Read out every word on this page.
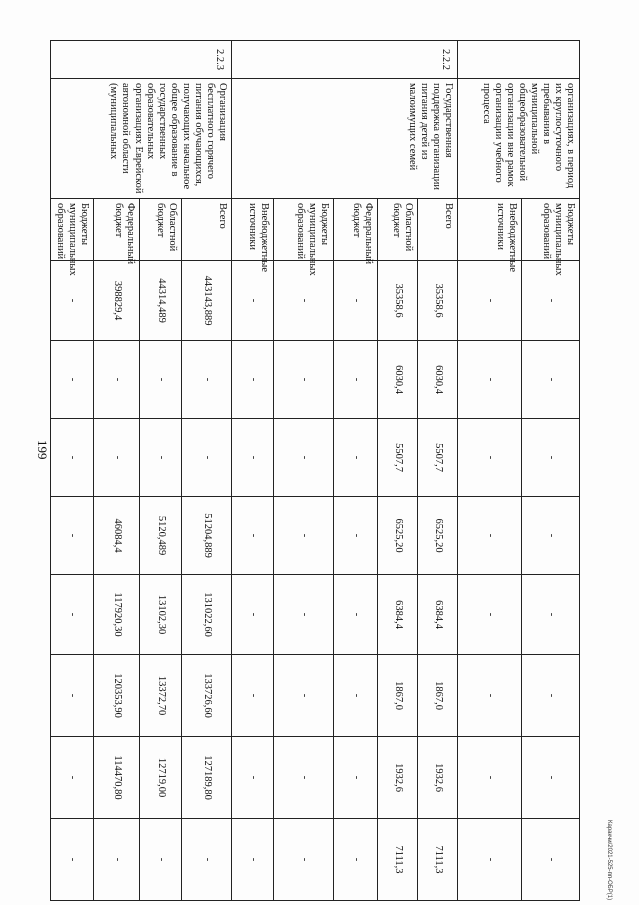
199
	организациях, в период их круглосуточного пребывания в муниципальной общеобразовательной организации вне рамок организации учебного процесса	Бюджеты муниципальных образований	-	-	-	-	-	-	-	-
		Внебюджетные источники	-	-	-	-	-	-	-	-
2.2.2	Государственная поддержка организации питания детей из малоимущих семей	Всего	35358,6	6030,4	5507,7	6525,20	6384,4	1867,0	1932,6	7111,3
		Областной бюджет	35358,6	6030,4	5507,7	6525,20	6384,4	1867,0	1932,6	7111,3
		Федеральный бюджет	-	-	-	-	-	-	-	-
		Бюджеты муниципальных образований	-	-	-	-	-	-	-	-
		Внебюджетные источники	-	-	-	-	-	-	-	-
2.2.3	Организация бесплатного горячего питания обучающихся, получающих начальное общее образование в государственных образовательных организациях Еврейской автономной области (муниципальных	Всего	443143,889	-	-	51204,889	131022,60	133726,60	127189,80	-
		Областной бюджет	44314,489	-	-	5120,489	13102,30	13372,70	12719,00	-
		Федеральный бюджет	398829,4	-	-	46084,4	117920,30	120353,90	114470,80	-
		Бюджеты муниципальных образований	-	-	-	-	-	-	-	-	Каракчи/2021-525-пп-ОБР(1)
